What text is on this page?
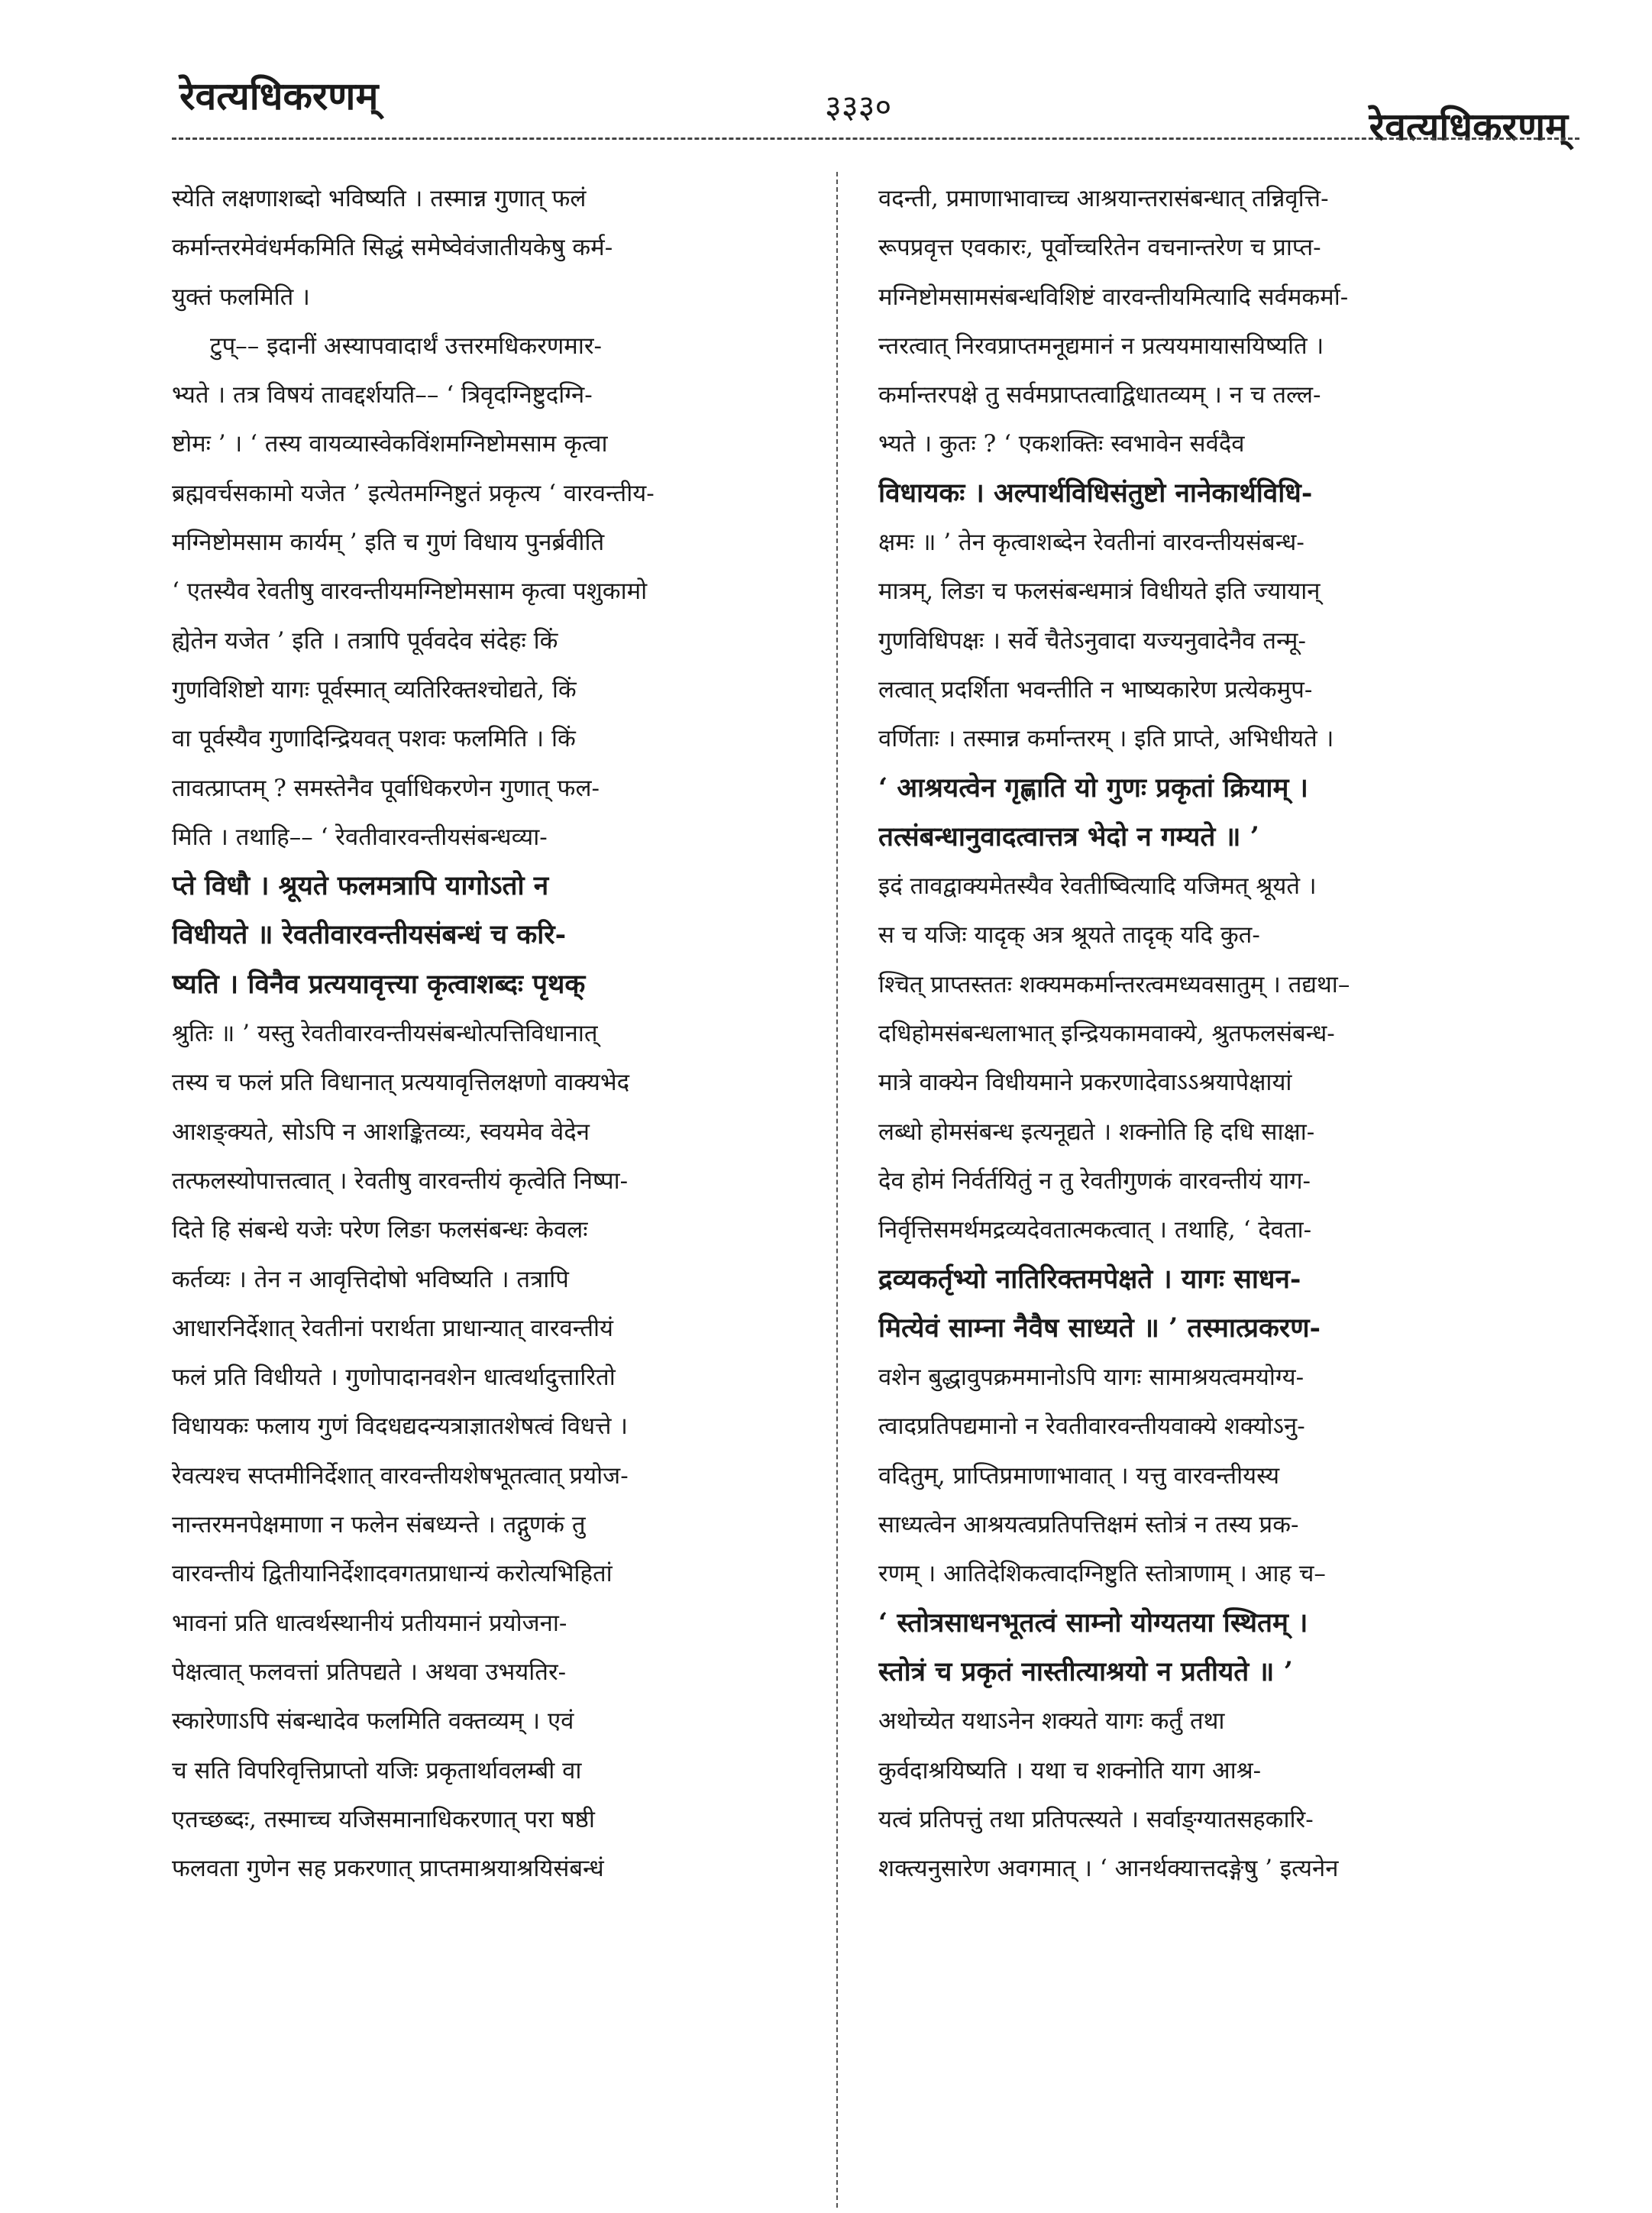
रेवत्यधिकरणम्	३३३०	रेवत्यधिकरणम्
स्येति लक्षणाशब्दो भविष्यति । तस्मान्न गुणात् फलं
कर्मान्तरमेवंधर्मकमिति सिद्धं समेष्वेवंजातीयकेषु कर्म-
युक्तं फलमिति ।
टुप्–– इदानीं अस्यापवादार्थं उत्तरमधिकरणमार-
भ्यते । तत्र विषयं तावद्दर्शयति–– ‘ त्रिवृदग्निष्टुदग्नि-
ष्टोमः ’ । ‘ तस्य वायव्यास्वेकविंशमग्निष्टोमसाम कृत्वा
ब्रह्मवर्चसकामो यजेत ’ इत्येतमग्निष्टुतं प्रकृत्य ‘ वारवन्तीय-
मग्निष्टोमसाम कार्यम् ’ इति च गुणं विधाय पुनर्ब्रवीति
‘ एतस्यैव रेवतीषु वारवन्तीयमग्निष्टोमसाम कृत्वा पशुकामो
ह्येतेन यजेत ’ इति । तत्रापि पूर्ववदेव संदेहः किं
गुणविशिष्टो यागः पूर्वस्मात् व्यतिरिक्तश्चोद्यते, किं
वा पूर्वस्यैव गुणादिन्द्रियवत् पशवः फलमिति । किं
तावत्प्राप्तम् ? समस्तेनैव पूर्वाधिकरणेन गुणात् फल-
मिति । तथाहि–– ‘ रेवतीवारवन्तीयसंबन्धव्या-
प्ते विधौ । श्रूयते फलमत्रापि यागोऽतो न
विधीयते ॥ रेवतीवारवन्तीयसंबन्धं च करि-
ष्यति । विनैव प्रत्ययावृत्त्या कृत्वाशब्दः पृथक्
श्रुतिः ॥ ’ यस्तु रेवतीवारवन्तीयसंबन्धोत्पत्तिविधानात्
तस्य च फलं प्रति विधानात् प्रत्ययावृत्तिलक्षणो वाक्यभेद
आशङ्क्यते, सोऽपि न आशङ्कितव्यः, स्वयमेव वेदेन
तत्फलस्योपात्तत्वात् । रेवतीषु वारवन्तीयं कृत्वेति निष्पा-
दिते हि संबन्धे यजेः परेण लिङा फलसंबन्धः केवलः
कर्तव्यः । तेन न आवृत्तिदोषो भविष्यति । तत्रापि
आधारनिर्देशात् रेवतीनां परार्थता प्राधान्यात् वारवन्तीयं
फलं प्रति विधीयते । गुणोपादानवशेन धात्वर्थादुत्तारितो
विधायकः फलाय गुणं विदधद्यदन्यत्राज्ञातशेषत्वं विधत्ते ।
रेवत्यश्च सप्तमीनिर्देशात् वारवन्तीयशेषभूतत्वात् प्रयोज-
नान्तरमनपेक्षमाणा न फलेन संबध्यन्ते । तद्गुणकं तु
वारवन्तीयं द्वितीयानिर्देशादवगतप्राधान्यं करोत्यभिहितां
भावनां प्रति धात्वर्थस्थानीयं प्रतीयमानं प्रयोजना-
पेक्षत्वात् फलवत्तां प्रतिपद्यते । अथवा उभयतिर-
स्कारेणाऽपि संबन्धादेव फलमिति वक्तव्यम् । एवं
च सति विपरिवृत्तिप्राप्तो यजिः प्रकृतार्थावलम्बी वा
एतच्छब्दः, तस्माच्च यजिसमानाधिकरणात् परा षष्ठी
फलवता गुणेन सह प्रकरणात् प्राप्तमाश्रयाश्रयिसंबन्धं
वदन्ती, प्रमाणाभावाच्च आश्रयान्तरासंबन्धात् तन्निवृत्ति-
रूपप्रवृत्त एवकारः, पूर्वोच्चरितेन वचनान्तरेण च प्राप्त-
मग्निष्टोमसामसंबन्धविशिष्टं वारवन्तीयमित्यादि सर्वमकर्मा-
न्तरत्वात् निरवप्राप्तमनूद्यमानं न प्रत्ययमायासयिष्यति ।
कर्मान्तरपक्षे तु सर्वमप्राप्तत्वाद्विधातव्यम् । न च तल्ल-
भ्यते । कुतः ? ‘ एकशक्तिः स्वभावेन सर्वदैव
विधायकः । अल्पार्थविधिसंतुष्टो नानेकार्थविधि-
क्षमः ॥ ’ तेन कृत्वाशब्देन रेवतीनां वारवन्तीयसंबन्ध-
मात्रम्, लिङा च फलसंबन्धमात्रं विधीयते इति ज्यायान्
गुणविधिपक्षः । सर्वे चैतेऽनुवादा यज्यनुवादेनैव तन्मू-
लत्वात् प्रदर्शिता भवन्तीति न भाष्यकारेण प्रत्येकमुप-
वर्णिताः । तस्मान्न कर्मान्तरम् । इति प्राप्ते, अभिधीयते ।
‘ आश्रयत्वेन गृह्णाति यो गुणः प्रकृतां क्रियाम् ।
तत्संबन्धानुवादत्वात्तत्र भेदो न गम्यते ॥ ’
इदं तावद्वाक्यमेतस्यैव रेवतीष्वित्यादि यजिमत् श्रूयते ।
स च यजिः यादृक् अत्र श्रूयते तादृक् यदि कुत-
श्चित् प्राप्तस्ततः शक्यमकर्मान्तरत्वमध्यवसातुम् । तद्यथा–
दधिहोमसंबन्धलाभात् इन्द्रियकामवाक्ये, श्रुतफलसंबन्ध-
मात्रे वाक्येन विधीयमाने प्रकरणादेवाऽऽश्रयापेक्षायां
लब्धो होमसंबन्ध इत्यनूद्यते । शक्नोति हि दधि साक्षा-
देव होमं निर्वर्तयितुं न तु रेवतीगुणकं वारवन्तीयं याग-
निर्वृत्तिसमर्थमद्रव्यदेवतात्मकत्वात् । तथाहि, ‘ देवता-
द्रव्यकर्तृभ्यो नातिरिक्तमपेक्षते । यागः साधन-
मित्येवं साम्ना नैवैष साध्यते ॥ ’ तस्मात्प्रकरण-
वशेन बुद्धावुपक्रममानोऽपि यागः सामाश्रयत्वमयोग्य-
त्वादप्रतिपद्यमानो न रेवतीवारवन्तीयवाक्ये शक्योऽनु-
वदितुम्, प्राप्तिप्रमाणाभावात् । यत्तु वारवन्तीयस्य
साध्यत्वेन आश्रयत्वप्रतिपत्तिक्षमं स्तोत्रं न तस्य प्रक-
रणम् । आतिदेशिकत्वादग्निष्टुति स्तोत्राणाम् । आह च–
‘ स्तोत्रसाधनभूतत्वं साम्नो योग्यतया स्थितम् ।
स्तोत्रं च प्रकृतं नास्तीत्याश्रयो न प्रतीयते ॥ ’
अथोच्येत यथाऽनेन शक्यते यागः कर्तुं तथा
कुर्वदाश्रयिष्यति । यथा च शक्नोति याग आश्र-
यत्वं प्रतिपत्तुं तथा प्रतिपत्स्यते । सर्वाङ्ग्यातसहकारि-
शक्त्यनुसारेण अवगमात् । ‘ आनर्थक्यात्तदङ्गेषु ’ इत्यनेन
